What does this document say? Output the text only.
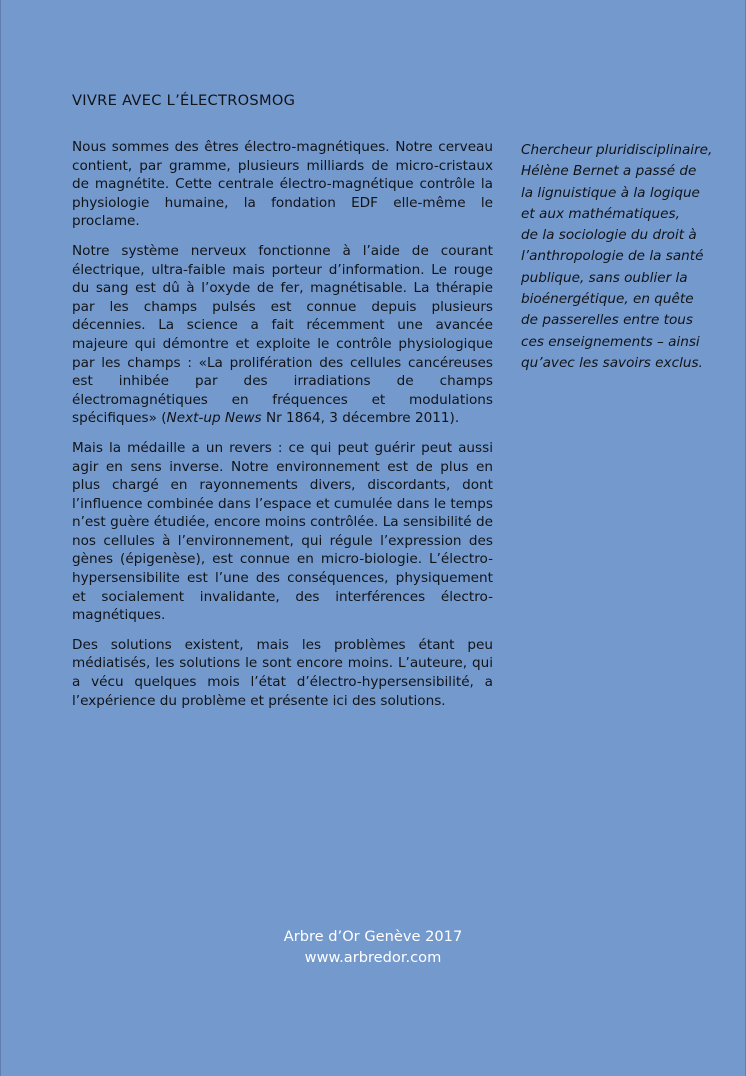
VIVRE AVEC L’ÉLECTROSMOG

Nous sommes des êtres électro-magnétiques. Notre cerveau contient, par gramme, plusieurs milliards de micro-cristaux de magnétite. Cette centrale électro-magnétique contrôle la physiologie humaine, la fondation EDF elle-même le proclame.

Notre système nerveux fonctionne à l’aide de courant électrique, ultra-faible mais porteur d’information. Le rouge du sang est dû à l’oxyde de fer, magnétisable. La thérapie par les champs pulsés est connue depuis plusieurs décennies. La science a fait récemment une avancée majeure qui démontre et exploite le contrôle physiologique par les champs : «La prolifération des cellules cancéreuses est inhibée par des irradiations de champs électromagnétiques en fréquences et modulations spécifiques» (Next-up News Nr 1864, 3 décembre 2011).

Mais la médaille a un revers : ce qui peut guérir peut aussi agir en sens inverse. Notre environnement est de plus en plus chargé en rayonnements divers, discordants, dont l’influence combinée dans l’espace et cumulée dans le temps n’est guère étudiée, encore moins contrôlée. La sensibilité de nos cellules à l’environnement, qui régule l’expression des gènes (épigenèse), est connue en micro-biologie. L’électro-hypersensibilite est l’une des conséquences, physiquement et socialement invalidante, des interférences électro-magnétiques.

Des solutions existent, mais les problèmes étant peu médiatisés, les solutions le sont encore moins. L’auteure, qui a vécu quelques mois l’état d’électro-hypersensibilité, a l’expérience du problème et présente ici des solutions.

Chercheur pluridisciplinaire,
Hélène Bernet a passé de
la lignuistique à la logique
et aux mathématiques,
de la sociologie du droit à
l’anthropologie de la santé
publique, sans oublier la
bioénergétique, en quête
de passerelles entre tous
ces enseignements – ainsi
qu’avec les savoirs exclus.
Arbre d’Or Genève 2017
www.arbredor.com
